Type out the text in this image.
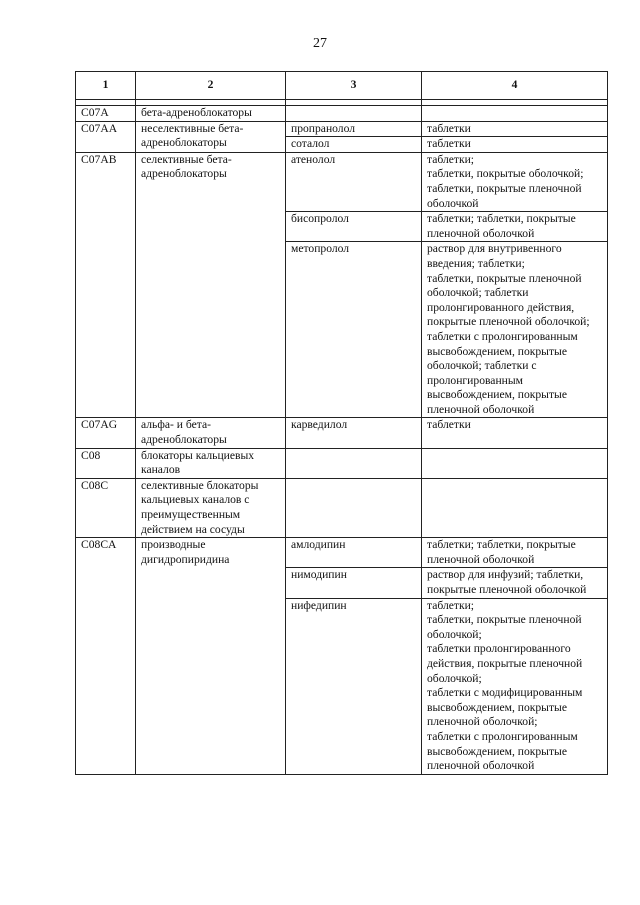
27
1	2	3	4

C07A	бета-адреноблокаторы		
C07AA	неселективные бета-адреноблокаторы	пропранолол	таблетки
		соталол	таблетки
C07AB	селективные бета-адреноблокаторы	атенолол	таблетки;
таблетки, покрытые оболочкой;
таблетки, покрытые пленочной оболочкой
		бисопролол	таблетки; таблетки, покрытые пленочной оболочкой
		метопролол	раствор для внутривенного введения; таблетки;
таблетки, покрытые пленочной оболочкой; таблетки пролонгированного действия, покрытые пленочной оболочкой; таблетки с пролонгированным высвобождением, покрытые оболочкой; таблетки с пролонгированным высвобождением, покрытые пленочной оболочкой
C07AG	альфа- и бета-адреноблокаторы	карведилол	таблетки
C08	блокаторы кальциевых каналов		
C08C	селективные блокаторы кальциевых каналов с преимущественным действием на сосуды		
C08CA	производные дигидропиридина	амлодипин	таблетки; таблетки, покрытые пленочной оболочкой
		нимодипин	раствор для инфузий; таблетки, покрытые пленочной оболочкой
		нифедипин	таблетки;
таблетки, покрытые пленочной оболочкой;
таблетки пролонгированного действия, покрытые пленочной оболочкой;
таблетки с модифицированным высвобождением, покрытые пленочной оболочкой;
таблетки с пролонгированным высвобождением, покрытые пленочной оболочкой
